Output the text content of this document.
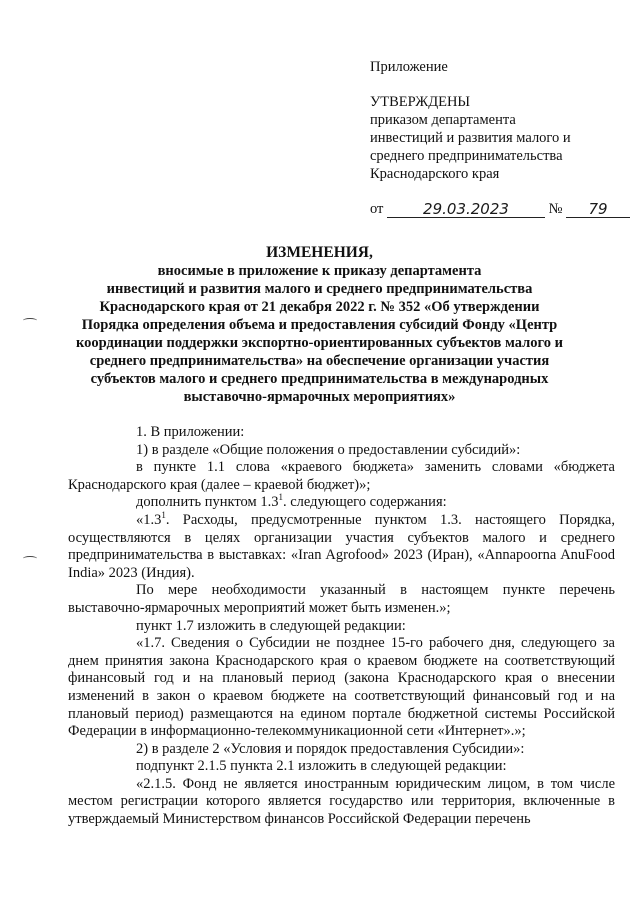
Приложение
УТВЕРЖДЕНЫ
приказом департамента
инвестиций и развития малого и
среднего предпринимательства
Краснодарского края
от
	29.03.2023
	№
	79
ИЗМЕНЕНИЯ,
вносимые в приложение к приказу департамента
инвестиций и развития малого и среднего предпринимательства
Краснодарского края от 21 декабря 2022 г. № 352 «Об утверждении
Порядка определения объема и предоставления субсидий Фонду «Центр
координации поддержки экспортно-ориентированных субъектов малого и
среднего предпринимательства» на обеспечение организации участия
субъектов малого и среднего предпринимательства в международных
выставочно-ярмарочных мероприятиях»

1. В приложении:

1) в разделе «Общие положения о предоставлении субсидий»:

в пункте 1.1 слова «краевого бюджета» заменить словами «бюджета Краснодарского края (далее – краевой бюджет)»;

дополнить пунктом $1.3^1$. следующего содержания:

«$1.3^1$. Расходы, предусмотренные пунктом 1.3. настоящего Порядка, осуществляются в целях организации участия субъектов малого и среднего предпринимательства в выставках: «Iran Agrofood» 2023 (Иран), «Annapoorna AnuFood India» 2023 (Индия).

По мере необходимости указанный в настоящем пункте перечень выставочно-ярмарочных мероприятий может быть изменен.»;

пункт 1.7 изложить в следующей редакции:

«1.7. Сведения о Субсидии не позднее 15-го рабочего дня, следующего за днем принятия закона Краснодарского края о краевом бюджете на соответствующий финансовый год и на плановый период (закона Краснодарского края о внесении изменений в закон о краевом бюджете на соответствующий финансовый год и на плановый период) размещаются на едином портале бюджетной системы Российской Федерации в информационно-телекоммуникационной сети «Интернет».»;

2) в разделе 2 «Условия и порядок предоставления Субсидии»:

подпункт 2.1.5 пункта 2.1 изложить в следующей редакции:

«2.1.5. Фонд не является иностранным юридическим лицом, в том числе местом регистрации которого является государство или территория, включенные в утверждаемый Министерством финансов Российской Федерации перечень
